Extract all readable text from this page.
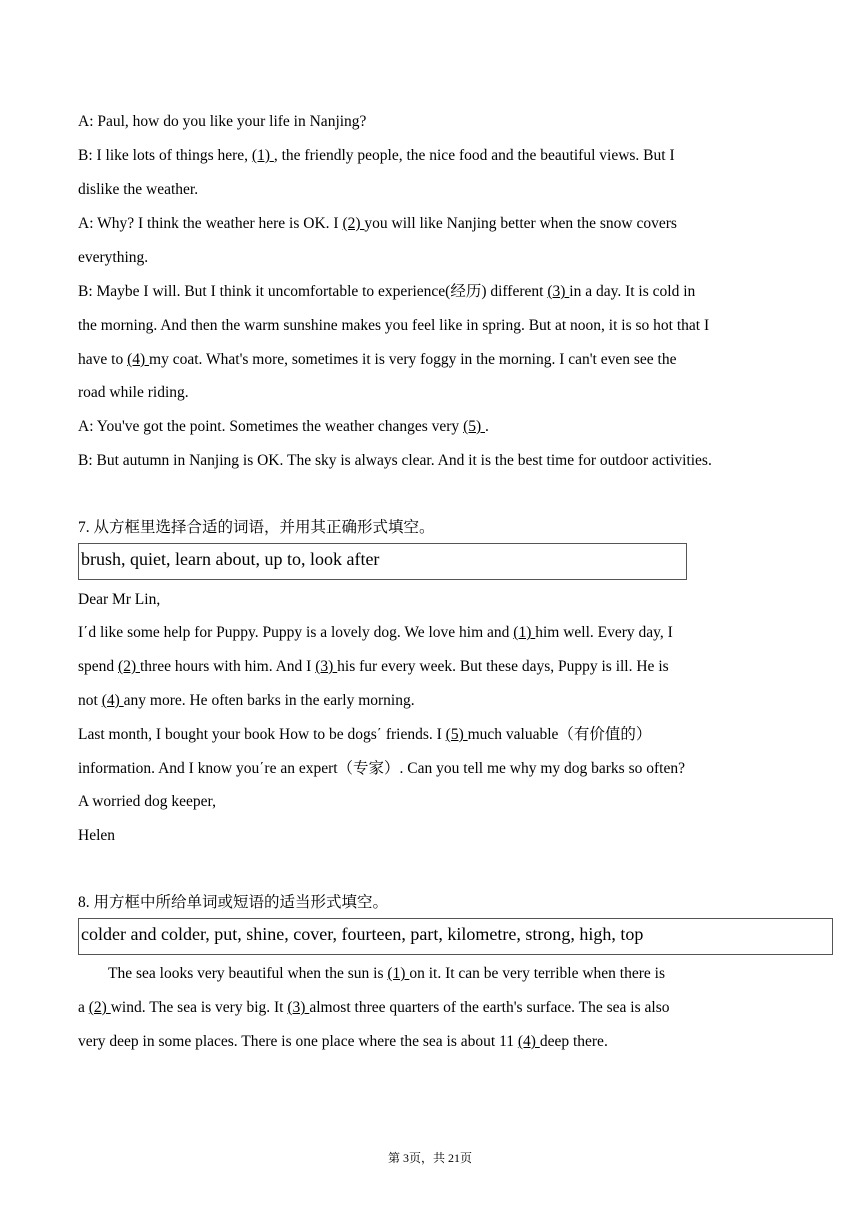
A: Paul, how do you like your life in Nanjing?
B: I like lots of things here, (1) , the friendly people, the nice food and the beautiful views. But I
dislike the weather.
A: Why? I think the weather here is OK. I (2) you will like Nanjing better when the snow covers
everything.
B: Maybe I will. But I think it uncomfortable to experience(经历) different (3) in a day. It is cold in
the morning. And then the warm sunshine makes you feel like in spring. But at noon, it is so hot that I
have to (4) my coat. What's more, sometimes it is very foggy in the morning. I can't even see the
road while riding.
A: You've got the point. Sometimes the weather changes very (5) .
B: But autumn in Nanjing is OK. The sky is always clear. And it is the best time for outdoor activities.
7. 从方框里选择合适的词语，并用其正确形式填空。
brush, quiet, learn about, up to, look after
Dear Mr Lin,
I΄d like some help for Puppy. Puppy is a lovely dog. We love him and (1) him well. Every day, I
spend (2) three hours with him. And I (3) his fur every week. But these days, Puppy is ill. He is
not (4) any more. He often barks in the early morning.
Last month, I bought your book How to be dogs΄ friends. I (5) much valuable（有价值的）
information. And I know you΄re an expert（专家）. Can you tell me why my dog barks so often?
A worried dog keeper,
Helen
8. 用方框中所给单词或短语的适当形式填空。
colder and colder, put, shine, cover, fourteen, part, kilometre, strong, high, top
The sea looks very beautiful when the sun is (1) on it. It can be very terrible when there is
a (2) wind. The sea is very big. It (3) almost three quarters of the earth's surface. The sea is also
very deep in some places. There is one place where the sea is about 11 (4) deep there.
第 3页，共 21页
